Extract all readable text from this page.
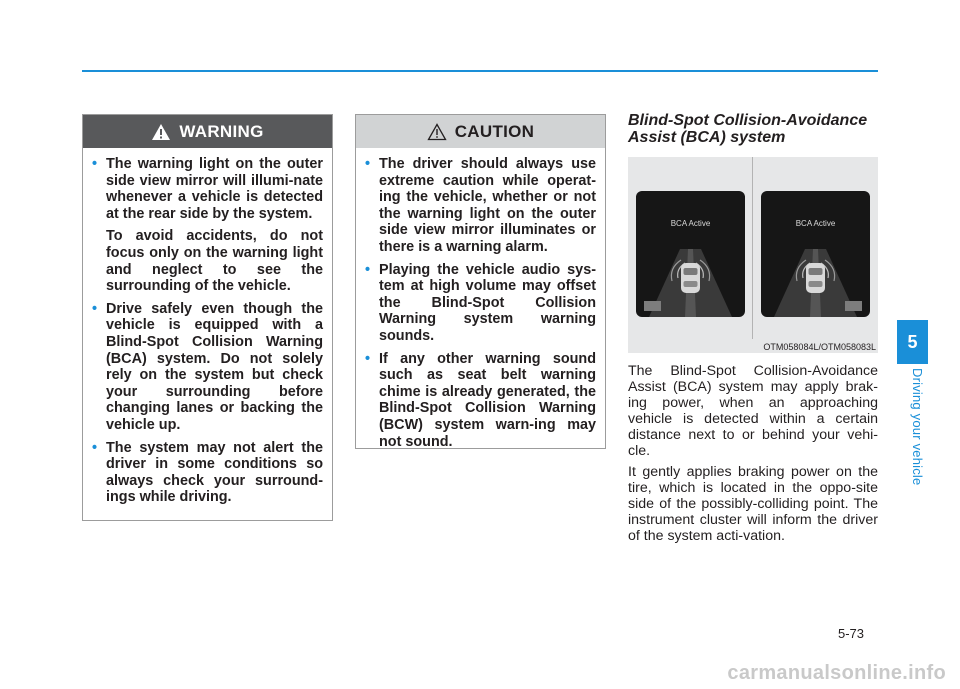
WARNING
• The warning light on the outer side view mirror will illumi-nate whenever a vehicle is detected at the rear side by the system.

To avoid accidents, do not focus only on the warning light and neglect to see the surrounding of the vehicle.

• Drive safely even though the vehicle is equipped with a Blind-Spot Collision Warning (BCA) system. Do not solely rely on the system but check your surrounding before changing lanes or backing the vehicle up.

• The system may not alert the driver in some conditions so always check your surround-ings while driving.

CAUTION
• The driver should always use extreme caution while operat-ing the vehicle, whether or not the warning light on the outer side view mirror illuminates or there is a warning alarm.

• Playing the vehicle audio sys-tem at high volume may offset the Blind-Spot Collision Warning system warning sounds.

• If any other warning sound such as seat belt warning chime is already generated, the Blind-Spot Collision Warning (BCW) system warn-ing may not sound.

Blind-Spot Collision-Avoidance Assist (BCA) system
BCA Active	BCA Active
OTM058084L/OTM058083L

The Blind-Spot Collision-Avoidance Assist (BCA) system may apply brak-ing power, when an approaching vehicle is detected within a certain distance next to or behind your vehi-cle.

It gently applies braking power on the tire, which is located in the oppo-site side of the possibly-colliding point. The instrument cluster will inform the driver of the system acti-vation.

5
Driving your vehicle
5-73
carmanualsonline.info
